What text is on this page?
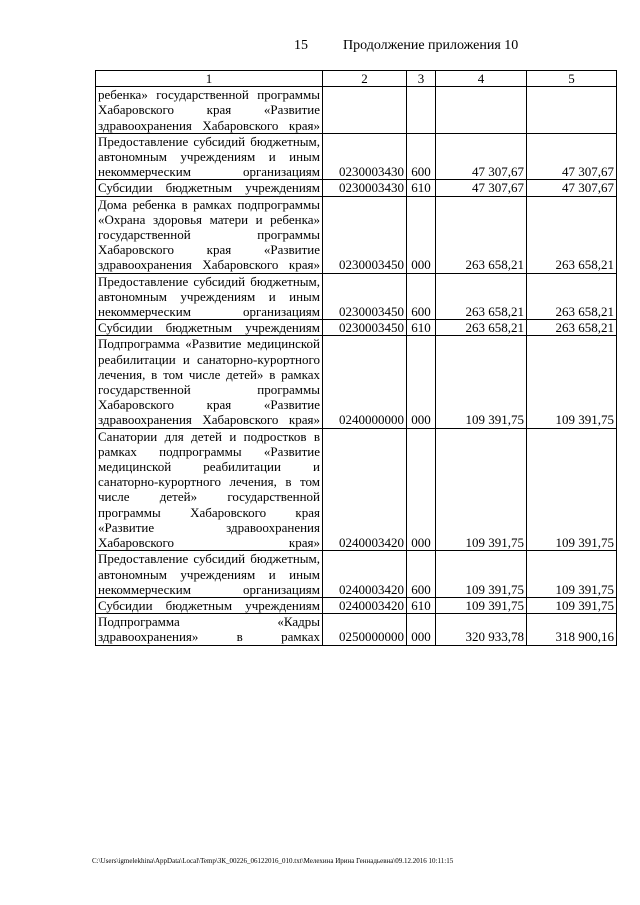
15	Продолжение приложения 10
1	2	3	4	5
ребенка» государственной программы Хабаровского края «Развитие здравоохранения Хабаровского края»				
Предоставление субсидий бюджетным, автономным учреждениям и иным некоммерческим организациям	0230003430	600	47 307,67	47 307,67
Субсидии бюджетным учреждениям	0230003430	610	47 307,67	47 307,67
Дома ребенка в рамках подпрограммы «Охрана здоровья матери и ребенка» государственной программы Хабаровского края «Развитие здравоохранения Хабаровского края»	0230003450	000	263 658,21	263 658,21
Предоставление субсидий бюджетным, автономным учреждениям и иным некоммерческим организациям	0230003450	600	263 658,21	263 658,21
Субсидии бюджетным учреждениям	0230003450	610	263 658,21	263 658,21
Подпрограмма «Развитие медицинской реабилитации и санаторно-курортного лечения, в том числе детей» в рамках государственной программы Хабаровского края «Развитие здравоохранения Хабаровского края»	0240000000	000	109 391,75	109 391,75
Санатории для детей и подростков в рамках подпрограммы «Развитие медицинской реабилитации и санаторно-курортного лечения, в том числе детей» государственной программы Хабаровского края «Развитие здравоохранения Хабаровского края»	0240003420	000	109 391,75	109 391,75
Предоставление субсидий бюджетным, автономным учреждениям и иным некоммерческим организациям	0240003420	600	109 391,75	109 391,75
Субсидии бюджетным учреждениям	0240003420	610	109 391,75	109 391,75
Подпрограмма «Кадры здравоохранения» в рамках	0250000000	000	320 933,78	318 900,16
C:\Users\igmelekhina\AppData\Local\Temp\ЗК_00226_06122016_010.txt\Мелехина Ирина Геннадьевна\09.12.2016 10:11:15
